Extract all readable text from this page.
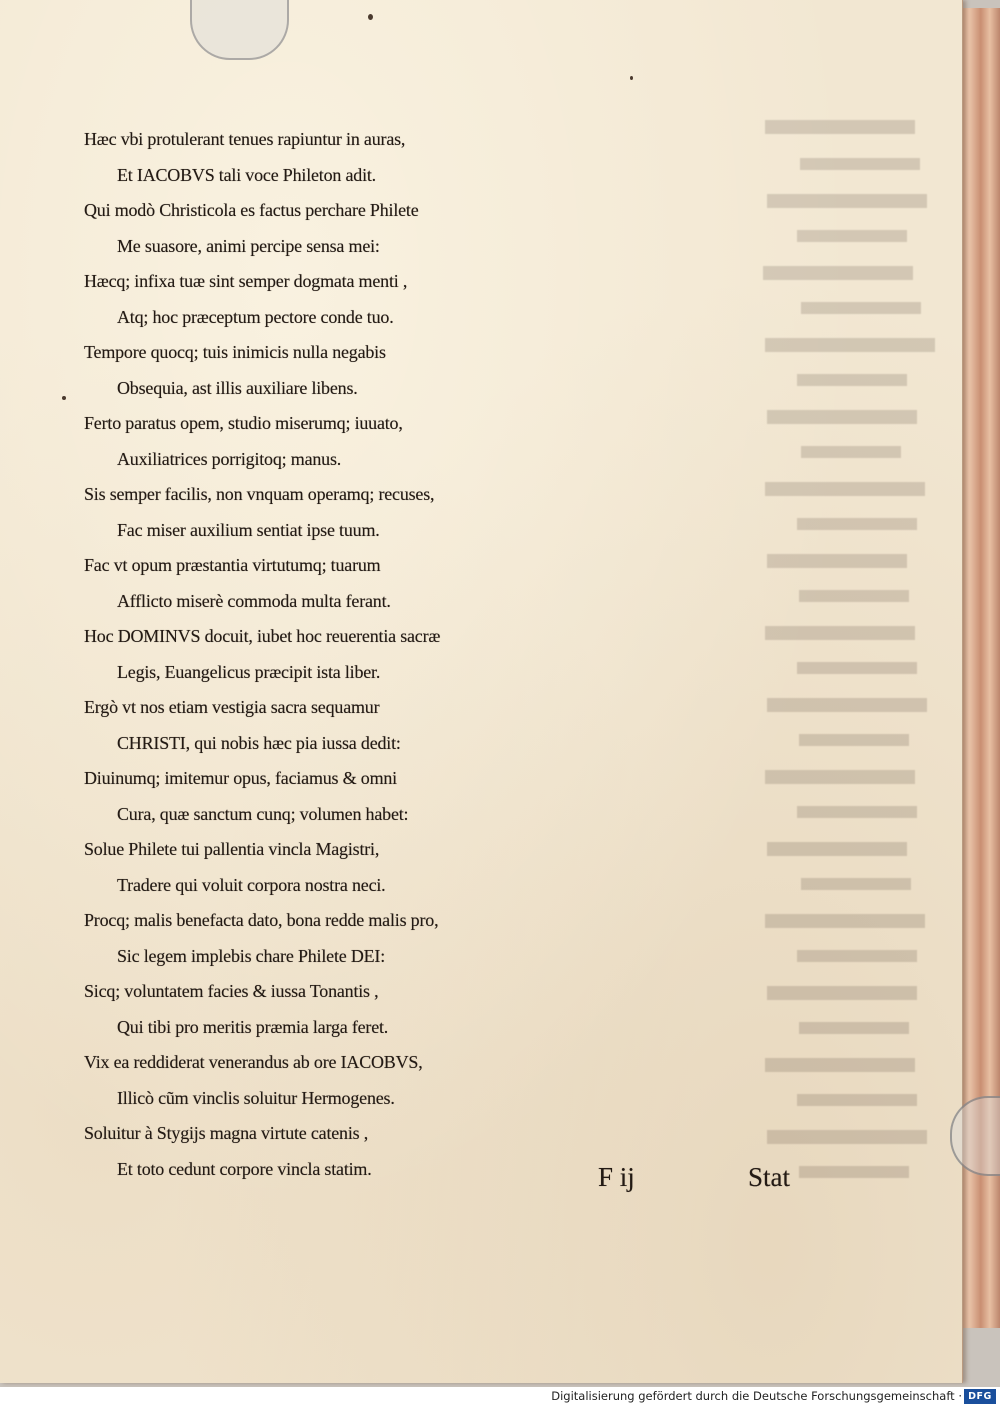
Hæc vbi protulerant tenues rapiuntur in auras,
Et IACOBVS tali voce Phileton adit.
Qui modò Christicola es factus perchare Philete
Me suasore, animi percipe sensa mei:
Hæcq; infixa tuæ sint semper dogmata menti ,
Atq; hoc præceptum pectore conde tuo.
Tempore quocq; tuis inimicis nulla negabis
Obsequia, ast illis auxiliare libens.
Ferto paratus opem, studio miserumq; iuuato,
Auxiliatrices porrigitoq; manus.
Sis semper facilis, non vnquam operamq; recuses,
Fac miser auxilium sentiat ipse tuum.
Fac vt opum præstantia virtutumq; tuarum
Afflicto miserè commoda multa ferant.
Hoc DOMINVS docuit, iubet hoc reuerentia sacræ
Legis, Euangelicus præcipit ista liber.
Ergò vt nos etiam vestigia sacra sequamur
CHRISTI, qui nobis hæc pia iussa dedit:
Diuinumq; imitemur opus, faciamus & omni
Cura, quæ sanctum cunq; volumen habet:
Solue Philete tui pallentia vincla Magistri,
Tradere qui voluit corpora nostra neci.
Procq; malis benefacta dato, bona redde malis pro,
Sic legem implebis chare Philete DEI:
Sicq; voluntatem facies & iussa Tonantis ,
Qui tibi pro meritis præmia larga feret.
Vix ea reddiderat venerandus ab ore IACOBVS,
Illicò cũm vinclis soluitur Hermogenes.
Soluitur à Stygijs magna virtute catenis ,
Et toto cedunt corpore vincla statim.	F ij	Stat
Digitalisierung gefördert durch die Deutsche Forschungsgemeinschaft · DFG
